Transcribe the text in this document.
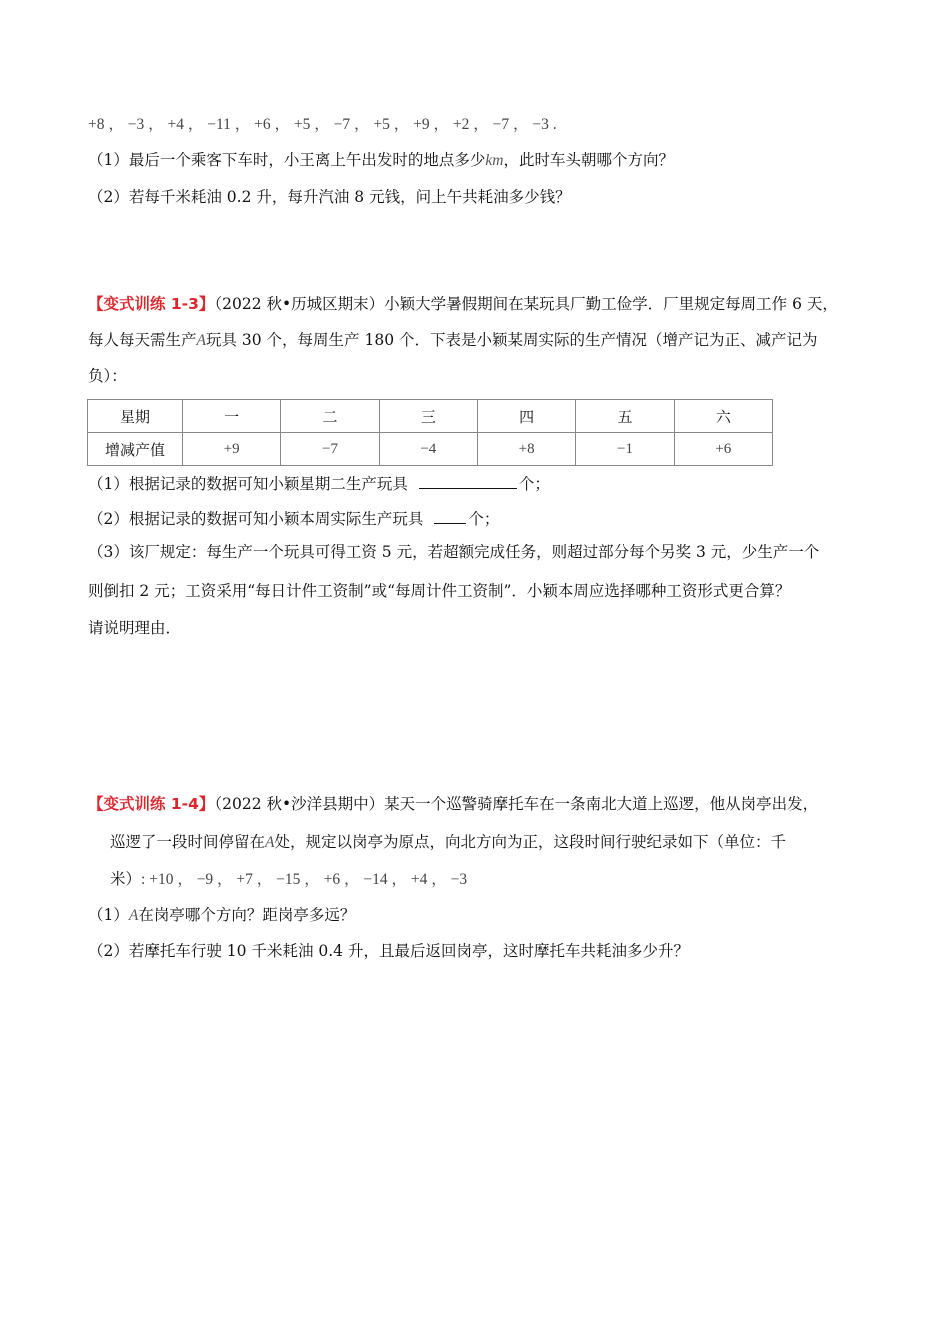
+8 ， −3 ， +4 ， −11 ， +6 ， +5 ， −7 ， +5 ， +9 ， +2 ， −7 ， −3 .
（1）最后一个乘客下车时，小王离上午出发时的地点多少km，此时车头朝哪个方向？
（2）若每千米耗油 0.2 升，每升汽油 8 元钱，问上午共耗油多少钱？
【变式训练 1-3】（2022 秋•历城区期末）小颖大学暑假期间在某玩具厂勤工俭学．厂里规定每周工作 6 天，
每人每天需生产A玩具 30 个，每周生产 180 个．下表是小颖某周实际的生产情况（增产记为正、减产记为
负）：
星期	一	二	三	四	五	六
增减产值	+9	−7	−4	+8	−1	+6
（1）根据记录的数据可知小颖星期二生产玩具	个；
（2）根据记录的数据可知小颖本周实际生产玩具	个；
（3）该厂规定：每生产一个玩具可得工资 5 元，若超额完成任务，则超过部分每个另奖 3 元，少生产一个
则倒扣 2 元；工资采用“每日计件工资制”或“每周计件工资制”．小颖本周应选择哪种工资形式更合算？
请说明理由．
【变式训练 1-4】（2022 秋•沙洋县期中）某天一个巡警骑摩托车在一条南北大道上巡逻，他从岗亭出发，
巡逻了一段时间停留在A处，规定以岗亭为原点，向北方向为正，这段时间行驶纪录如下（单位：千
米）: +10 ， −9 ， +7 ， −15 ， +6 ， −14 ， +4 ， −3
（1）A在岗亭哪个方向？距岗亭多远？
（2）若摩托车行驶 10 千米耗油 0.4 升，且最后返回岗亭，这时摩托车共耗油多少升？
